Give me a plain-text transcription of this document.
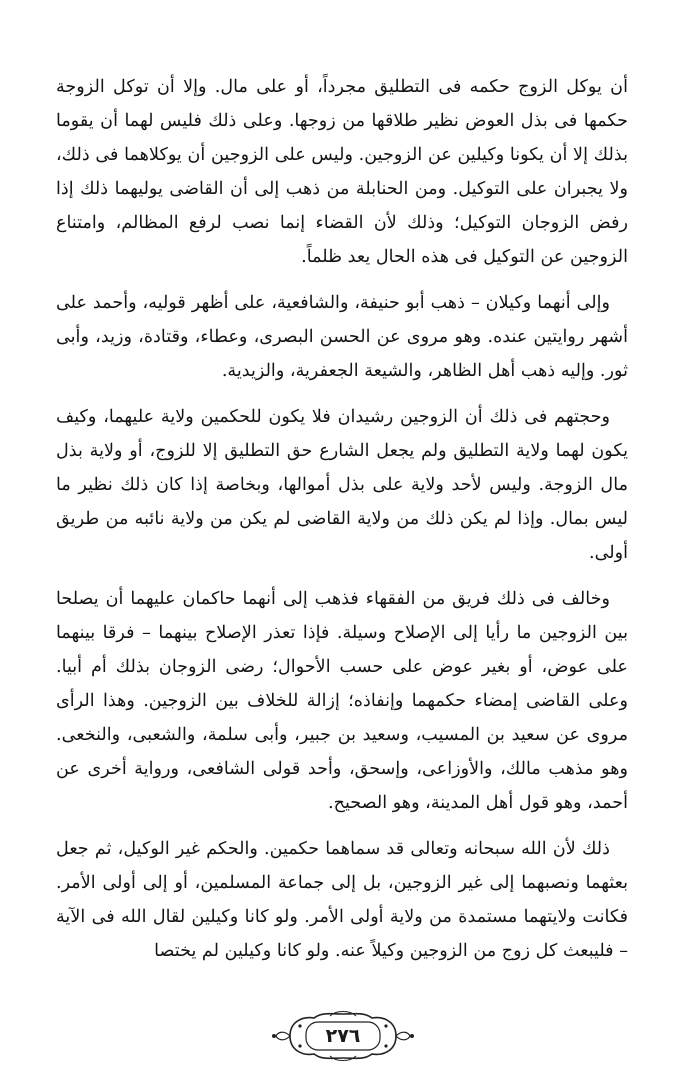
أن يوكل الزوج حكمه فى التطليق مجرداً، أو على مال. وإلا أن توكل الزوجة حكمها فى بذل العوض نظير طلاقها من زوجها. وعلى ذلك فليس لهما أن يقوما بذلك إلا أن يكونا وكيلين عن الزوجين. وليس على الزوجين أن يوكلاهما فى ذلك، ولا يجبران على التوكيل. ومن الحنابلة من ذهب إلى أن القاضى يوليهما ذلك إذا رفض الزوجان التوكيل؛ وذلك لأن القضاء إنما نصب لرفع المظالم، وامتناع الزوجين عن التوكيل فى هذه الحال يعد ظلماً.

وإلى أنهما وكيلان – ذهب أبو حنيفة، والشافعية، على أظهر قوليه، وأحمد على أشهر روايتين عنده. وهو مروى عن الحسن البصرى، وعطاء، وقتادة، وزيد، وأبى ثور. وإليه ذهب أهل الظاهر، والشيعة الجعفرية، والزيدية.

وحجتهم فى ذلك أن الزوجين رشيدان فلا يكون للحكمين ولاية عليهما، وكيف يكون لهما ولاية التطليق ولم يجعل الشارع حق التطليق إلا للزوج، أو ولاية بذل مال الزوجة. وليس لأحد ولاية على بذل أموالها، وبخاصة إذا كان ذلك نظير ما ليس بمال. وإذا لم يكن ذلك من ولاية القاضى لم يكن من ولاية نائبه من طريق أولى.

وخالف فى ذلك فريق من الفقهاء فذهب إلى أنهما حاكمان عليهما أن يصلحا بين الزوجين ما رأيا إلى الإصلاح وسيلة. فإذا تعذر الإصلاح بينهما – فرقا بينهما على عوض، أو بغير عوض على حسب الأحوال؛ رضى الزوجان بذلك أم أبيا. وعلى القاضى إمضاء حكمهما وإنفاذه؛ إزالة للخلاف بين الزوجين. وهذا الرأى مروى عن سعيد بن المسيب، وسعيد بن جبير، وأبى سلمة، والشعبى، والنخعى. وهو مذهب مالك، والأوزاعى، وإسحق، وأحد قولى الشافعى، ورواية أخرى عن أحمد، وهو قول أهل المدينة، وهو الصحيح.

ذلك لأن الله سبحانه وتعالى قد سماهما حكمين. والحكم غير الوكيل، ثم جعل بعثهما ونصبهما إلى غير الزوجين، بل إلى جماعة المسلمين، أو إلى أولى الأمر. فكانت ولايتهما مستمدة من ولاية أولى الأمر. ولو كانا وكيلين لقال الله فى الآية – فليبعث كل زوج من الزوجين وكيلاً عنه. ولو كانا وكيلين لم يختصا

٢٧٦
